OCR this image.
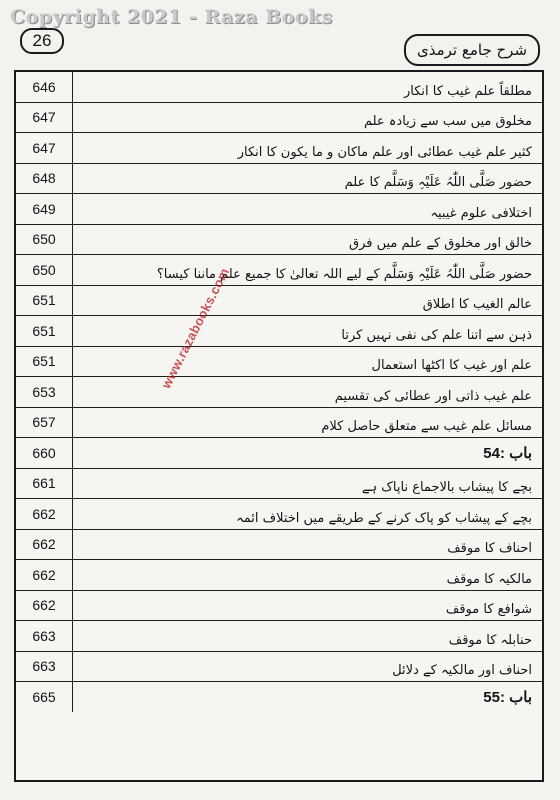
Copyright 2021 - Raza Books
26	شرح جامع ترمذی
646	مطلقاً علم غیب کا انکار
647	مخلوق میں سب سے زیادہ علم
647	کثیر علم غیب عطائی اور علم ماکان و ما یکون کا انکار
648	حضور صَلَّی اللّٰہُ عَلَیْہِ وَسَلَّم کا علم
649	اختلافی علوم غیبیہ
650	خالق اور مخلوق کے علم میں فرق
650	حضور صَلَّی اللّٰہُ عَلَیْہِ وَسَلَّم کے لیے اللہ تعالیٰ کا جمیع علم ماننا کیسا؟
651	عالم الغیب کا اطلاق
651	ذہن سے اتنا علم کی نفی نہیں کرتا
651	علم اور غیب کا اکٹھا استعمال
653	علم غیب ذاتی اور عطائی کی تقسیم
657	مسائل علم غیب سے متعلق حاصل کلام
660	باب :54
661	بچے کا پیشاب بالاجماع ناپاک ہے
662	بچے کے پیشاب کو پاک کرنے کے طریقے میں اختلاف ائمہ
662	احناف کا موقف
662	مالکیہ کا موقف
662	شوافع کا موقف
663	حنابلہ کا موقف
663	احناف اور مالکیہ کے دلائل
665	باب :55
www.razabooks.com
